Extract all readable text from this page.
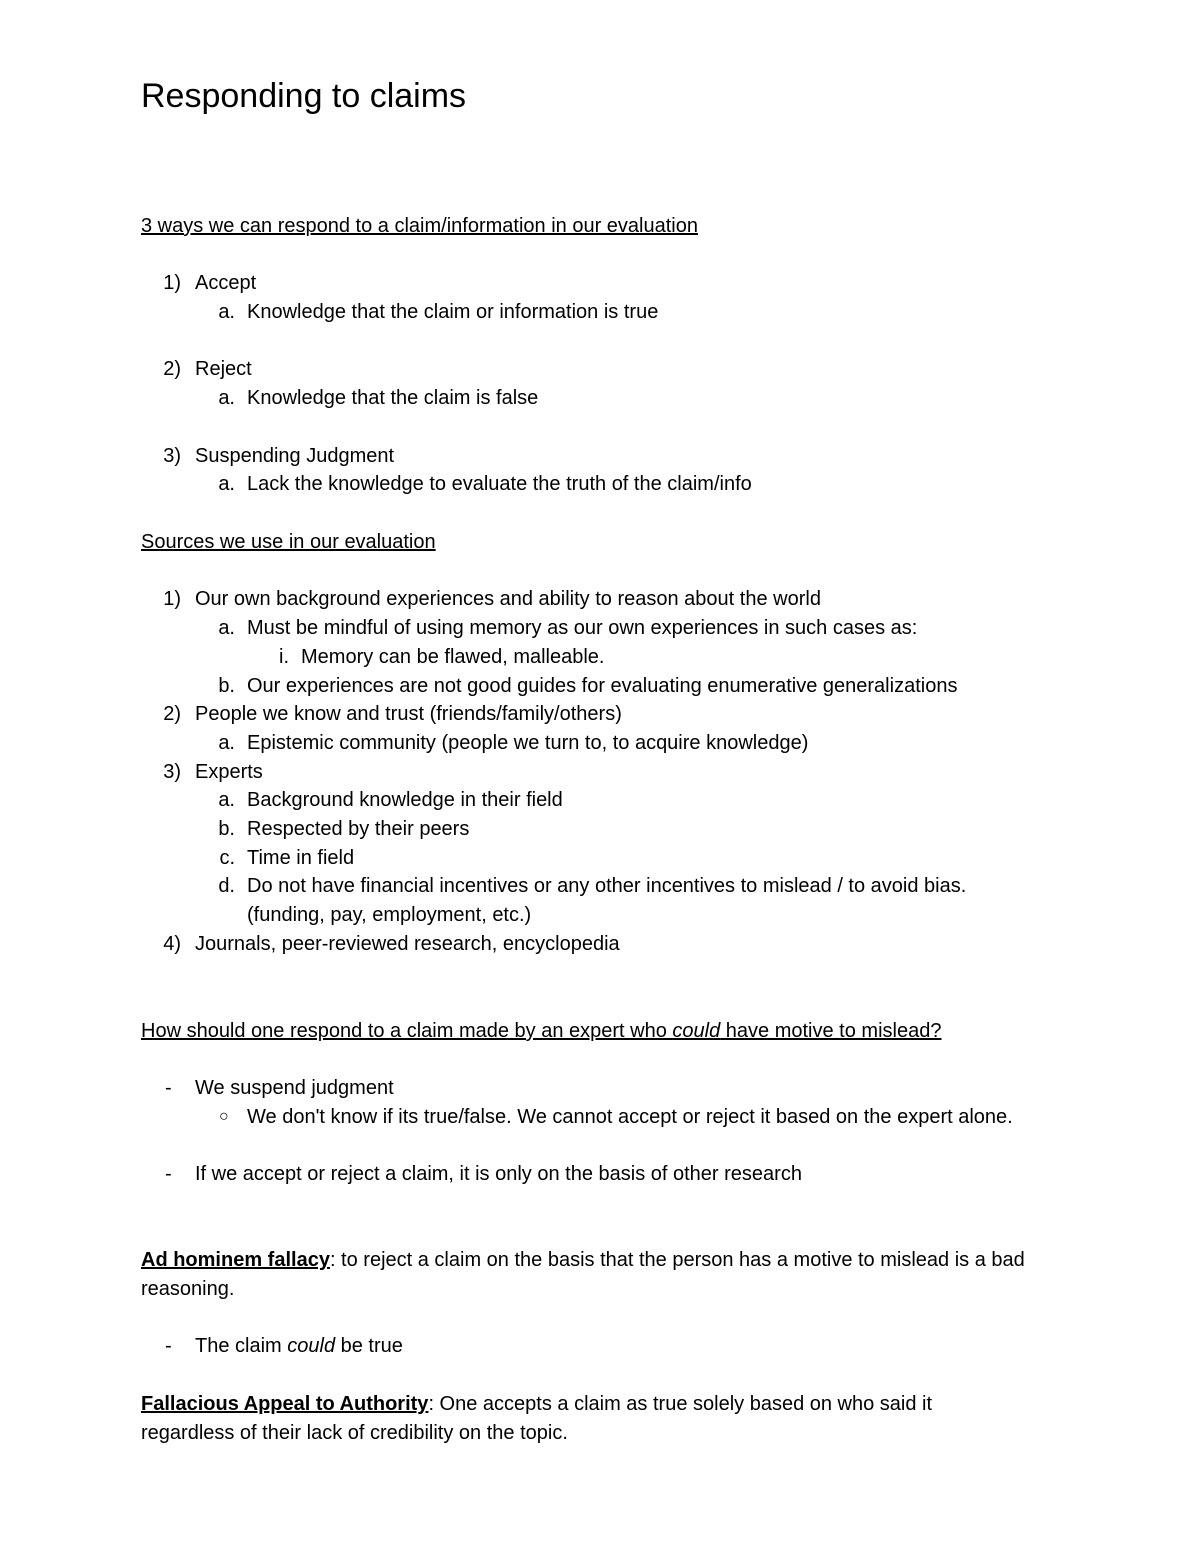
Responding to claims

3 ways we can respond to a claim/information in our evaluation

1) Accept
a. Knowledge that the claim or information is true
2) Reject
a. Knowledge that the claim is false
3) Suspending Judgment
a. Lack the knowledge to evaluate the truth of the claim/info

Sources we use in our evaluation

1) Our own background experiences and ability to reason about the world
a. Must be mindful of using memory as our own experiences in such cases as:
i. Memory can be flawed, malleable.
b. Our experiences are not good guides for evaluating enumerative generalizations
2) People we know and trust (friends/family/others)
a. Epistemic community (people we turn to, to acquire knowledge)
3) Experts
a. Background knowledge in their field
b. Respected by their peers
c. Time in field
d. Do not have financial incentives or any other incentives to mislead / to avoid bias. (funding, pay, employment, etc.)
4) Journals, peer-reviewed research, encyclopedia

How should one respond to a claim made by an expert who could have motive to mislead?

-	We suspend judgment
○ We don't know if its true/false. We cannot accept or reject it based on the expert alone.
-	If we accept or reject a claim, it is only on the basis of other research

Ad hominem fallacy: to reject a claim on the basis that the person has a motive to mislead is a bad reasoning.

-	The claim could be true

Fallacious Appeal to Authority: One accepts a claim as true solely based on who said it regardless of their lack of credibility on the topic.
